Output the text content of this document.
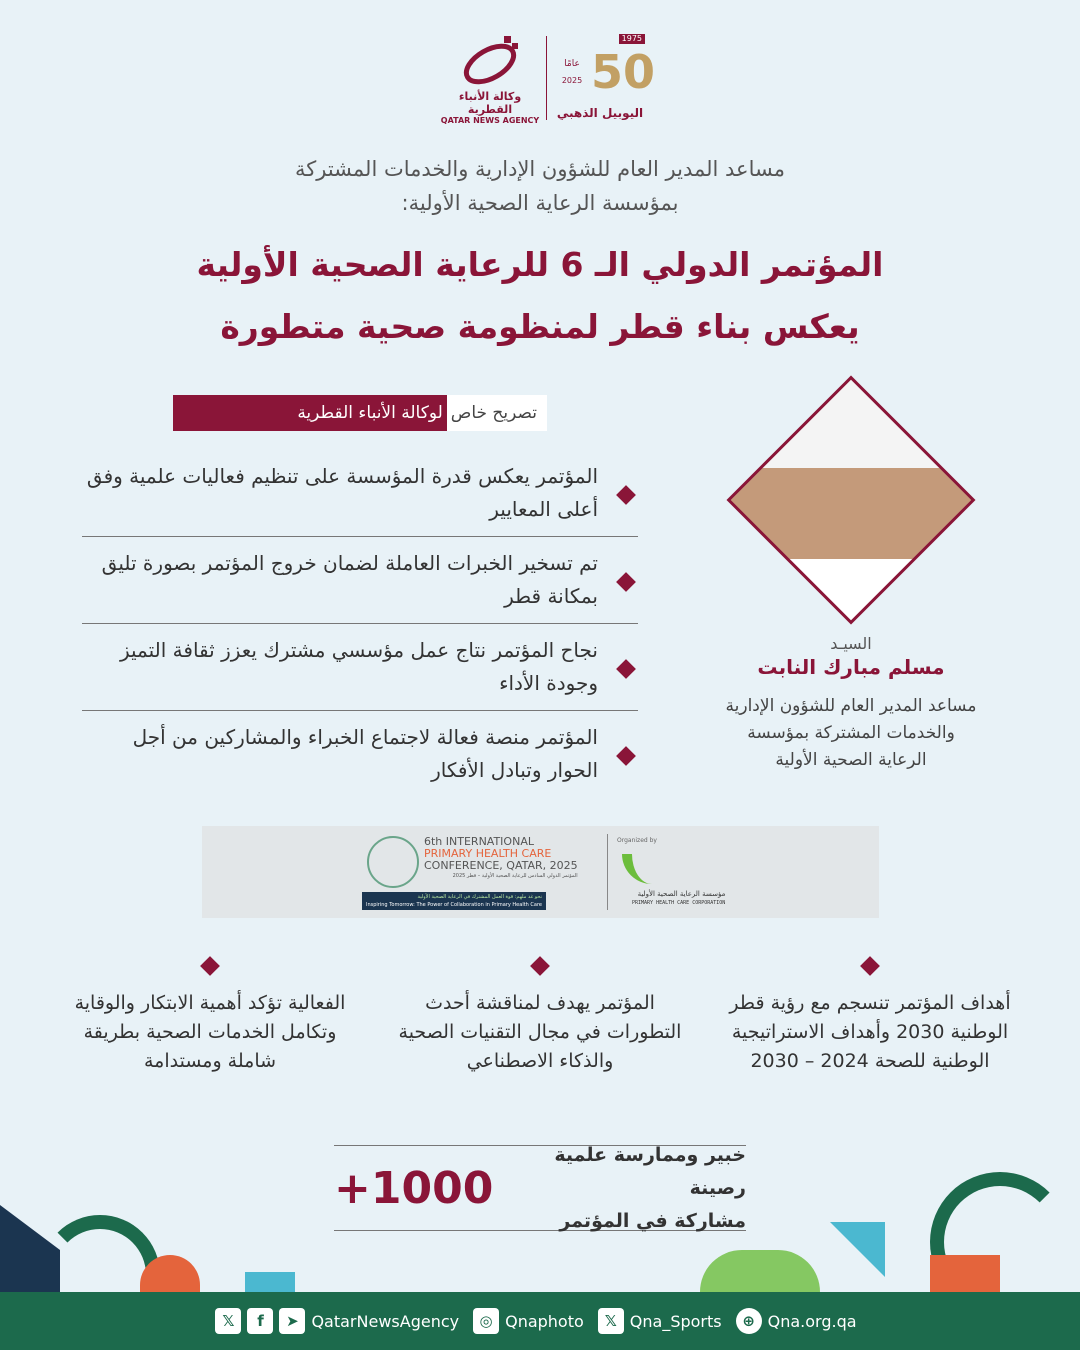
وكالة الأنباء القطرية
QATAR NEWS AGENCY
1975
50
عامًا
2025
اليوبيل الذهبي
مساعد المدير العام للشؤون الإدارية والخدمات المشتركة
بمؤسسة الرعاية الصحية الأولية:
المؤتمر الدولي الـ 6 للرعاية الصحية الأولية
يعكس بناء قطر لمنظومة صحية متطورة
تصريح خاص
لوكالة الأنباء القطرية
المؤتمر يعكس قدرة المؤسسة على تنظيم فعاليات علمية وفق أعلى المعايير
تم تسخير الخبرات العاملة لضمان خروج المؤتمر بصورة تليق بمكانة قطر
نجاح المؤتمر نتاج عمل مؤسسي مشترك يعزز ثقافة التميز وجودة الأداء
المؤتمر منصة فعالة لاجتماع الخبراء والمشاركين من أجل الحوار وتبادل الأفكار
السيـد
مسلم مبارك النابت
مساعد المدير العام للشؤون الإدارية
والخدمات المشتركة بمؤسسة
الرعاية الصحية الأولية
6th INTERNATIONAL
PRIMARY HEALTH CARE
CONFERENCE, QATAR, 2025
المؤتمر الدولي السادس للرعاية الصحية الأولية – قطر 2025
نحو غد ملهم: قوة العمل المشترك في الرعاية الصحية الأولية
Inspiring Tomorrow: The Power of Collaboration in Primary Health Care
Organized by
مؤسسة الرعاية الصحية الأولية
PRIMARY HEALTH CARE CORPORATION
الفعالية تؤكد أهمية الابتكار والوقاية وتكامل الخدمات الصحية بطريقة شاملة ومستدامة
المؤتمر يهدف لمناقشة أحدث التطورات في مجال التقنيات الصحية والذكاء الاصطناعي
أهداف المؤتمر تنسجم مع رؤية قطر الوطنية 2030 وأهداف الاستراتيجية الوطنية للصحة 2024 – 2030
خبير وممارسة علمية رصينة
مشاركة في المؤتمر
+1000
𝕏	f	➤ QatarNewsAgency	◎ Qnaphoto	𝕏 Qna_Sports	⊕ Qna.org.qa
